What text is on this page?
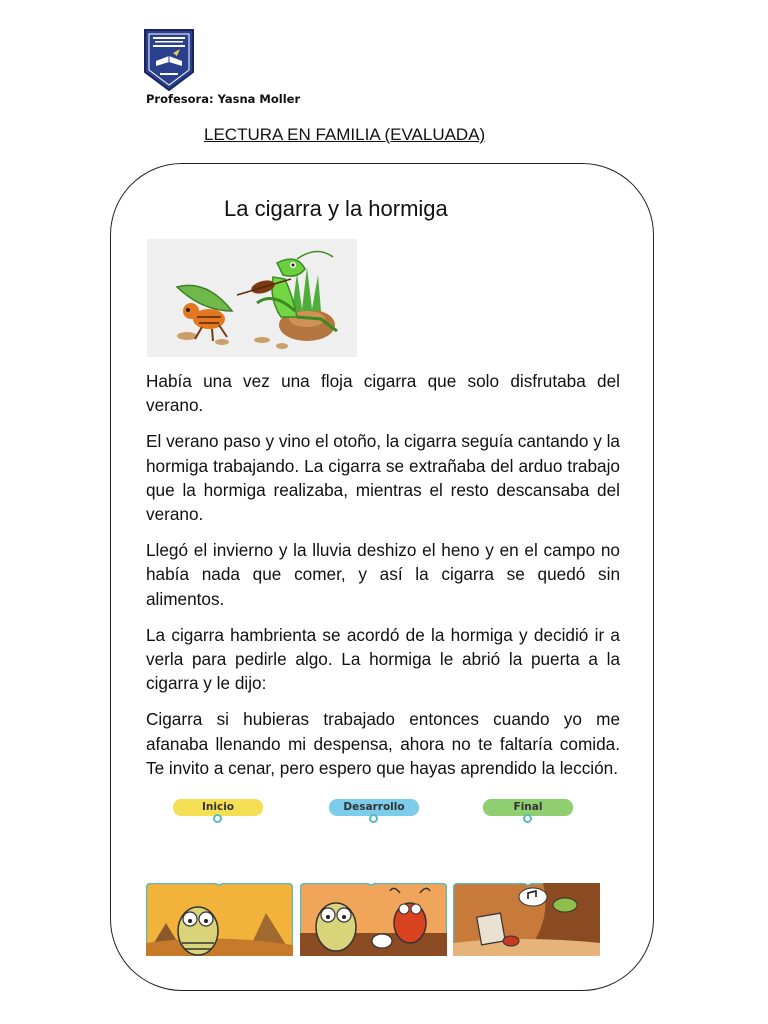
Profesora: Yasna Moller
LECTURA EN FAMILIA (EVALUADA)
La cigarra y la hormiga

Había una vez una floja cigarra que solo disfrutaba del verano.

El verano paso y vino el otoño, la cigarra seguía cantando y la hormiga trabajando. La cigarra se extrañaba del arduo trabajo que la hormiga realizaba, mientras el resto descansaba del verano.

Llegó el invierno y la lluvia deshizo el heno y en el campo no había nada que comer, y así la cigarra se quedó sin alimentos.

La cigarra hambrienta se acordó de la hormiga y decidió ir a verla para pedirle algo. La hormiga le abrió la puerta a la cigarra y le dijo:

Cigarra si hubieras trabajado entonces cuando yo me afanaba llenando mi despensa, ahora no te faltaría comida. Te invito a cenar, pero espero que hayas aprendido la lección.

Inicio	Desarrollo	Final
